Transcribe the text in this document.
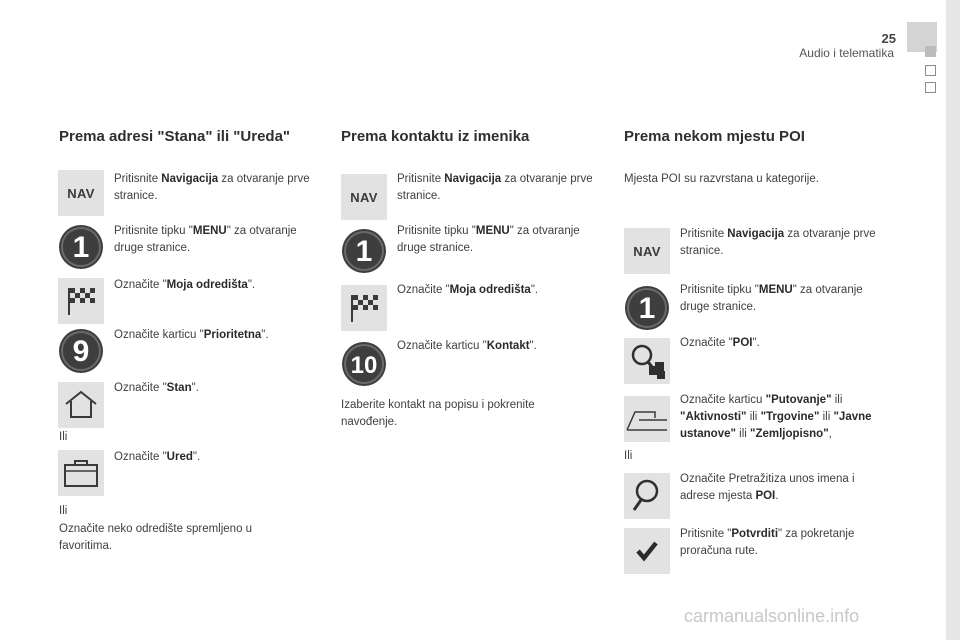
25
Audio i telematika
Prema adresi "Stana" ili "Ureda"
NAV
Pritisnite Navigacija za otvaranje prve stranice.
1 Pritisnite tipku "MENU" za otvaranje druge stranice.
Označite "Moja odredišta".
9 Označite karticu "Prioritetna".
Označite "Stan".
Ili
Označite "Ured".
Ili
Označite neko odredište spremljeno u favoritima.
Prema kontaktu iz imenika
NAV
Pritisnite Navigacija za otvaranje prve stranice.
1
Pritisnite tipku "MENU" za otvaranje druge stranice.
Označite "Moja odredišta".
10
Označite karticu "Kontakt".
Izaberite kontakt na popisu i pokrenite navođenje.
Prema nekom mjestu POI
Mjesta POI su razvrstana u kategorije.
NAV
Pritisnite Navigacija za otvaranje prve stranice.
1
Pritisnite tipku "MENU" za otvaranje druge stranice.
Označite "POI".
Označite karticu "Putovanje" ili "Aktivnosti" ili "Trgovine" ili "Javne ustanove" ili "Zemljopisno",
Ili
Označite Pretražitiza unos imena i adrese mjesta POI.
Pritisnite "Potvrditi" za pokretanje proračuna rute.
carmanualsonline.info
